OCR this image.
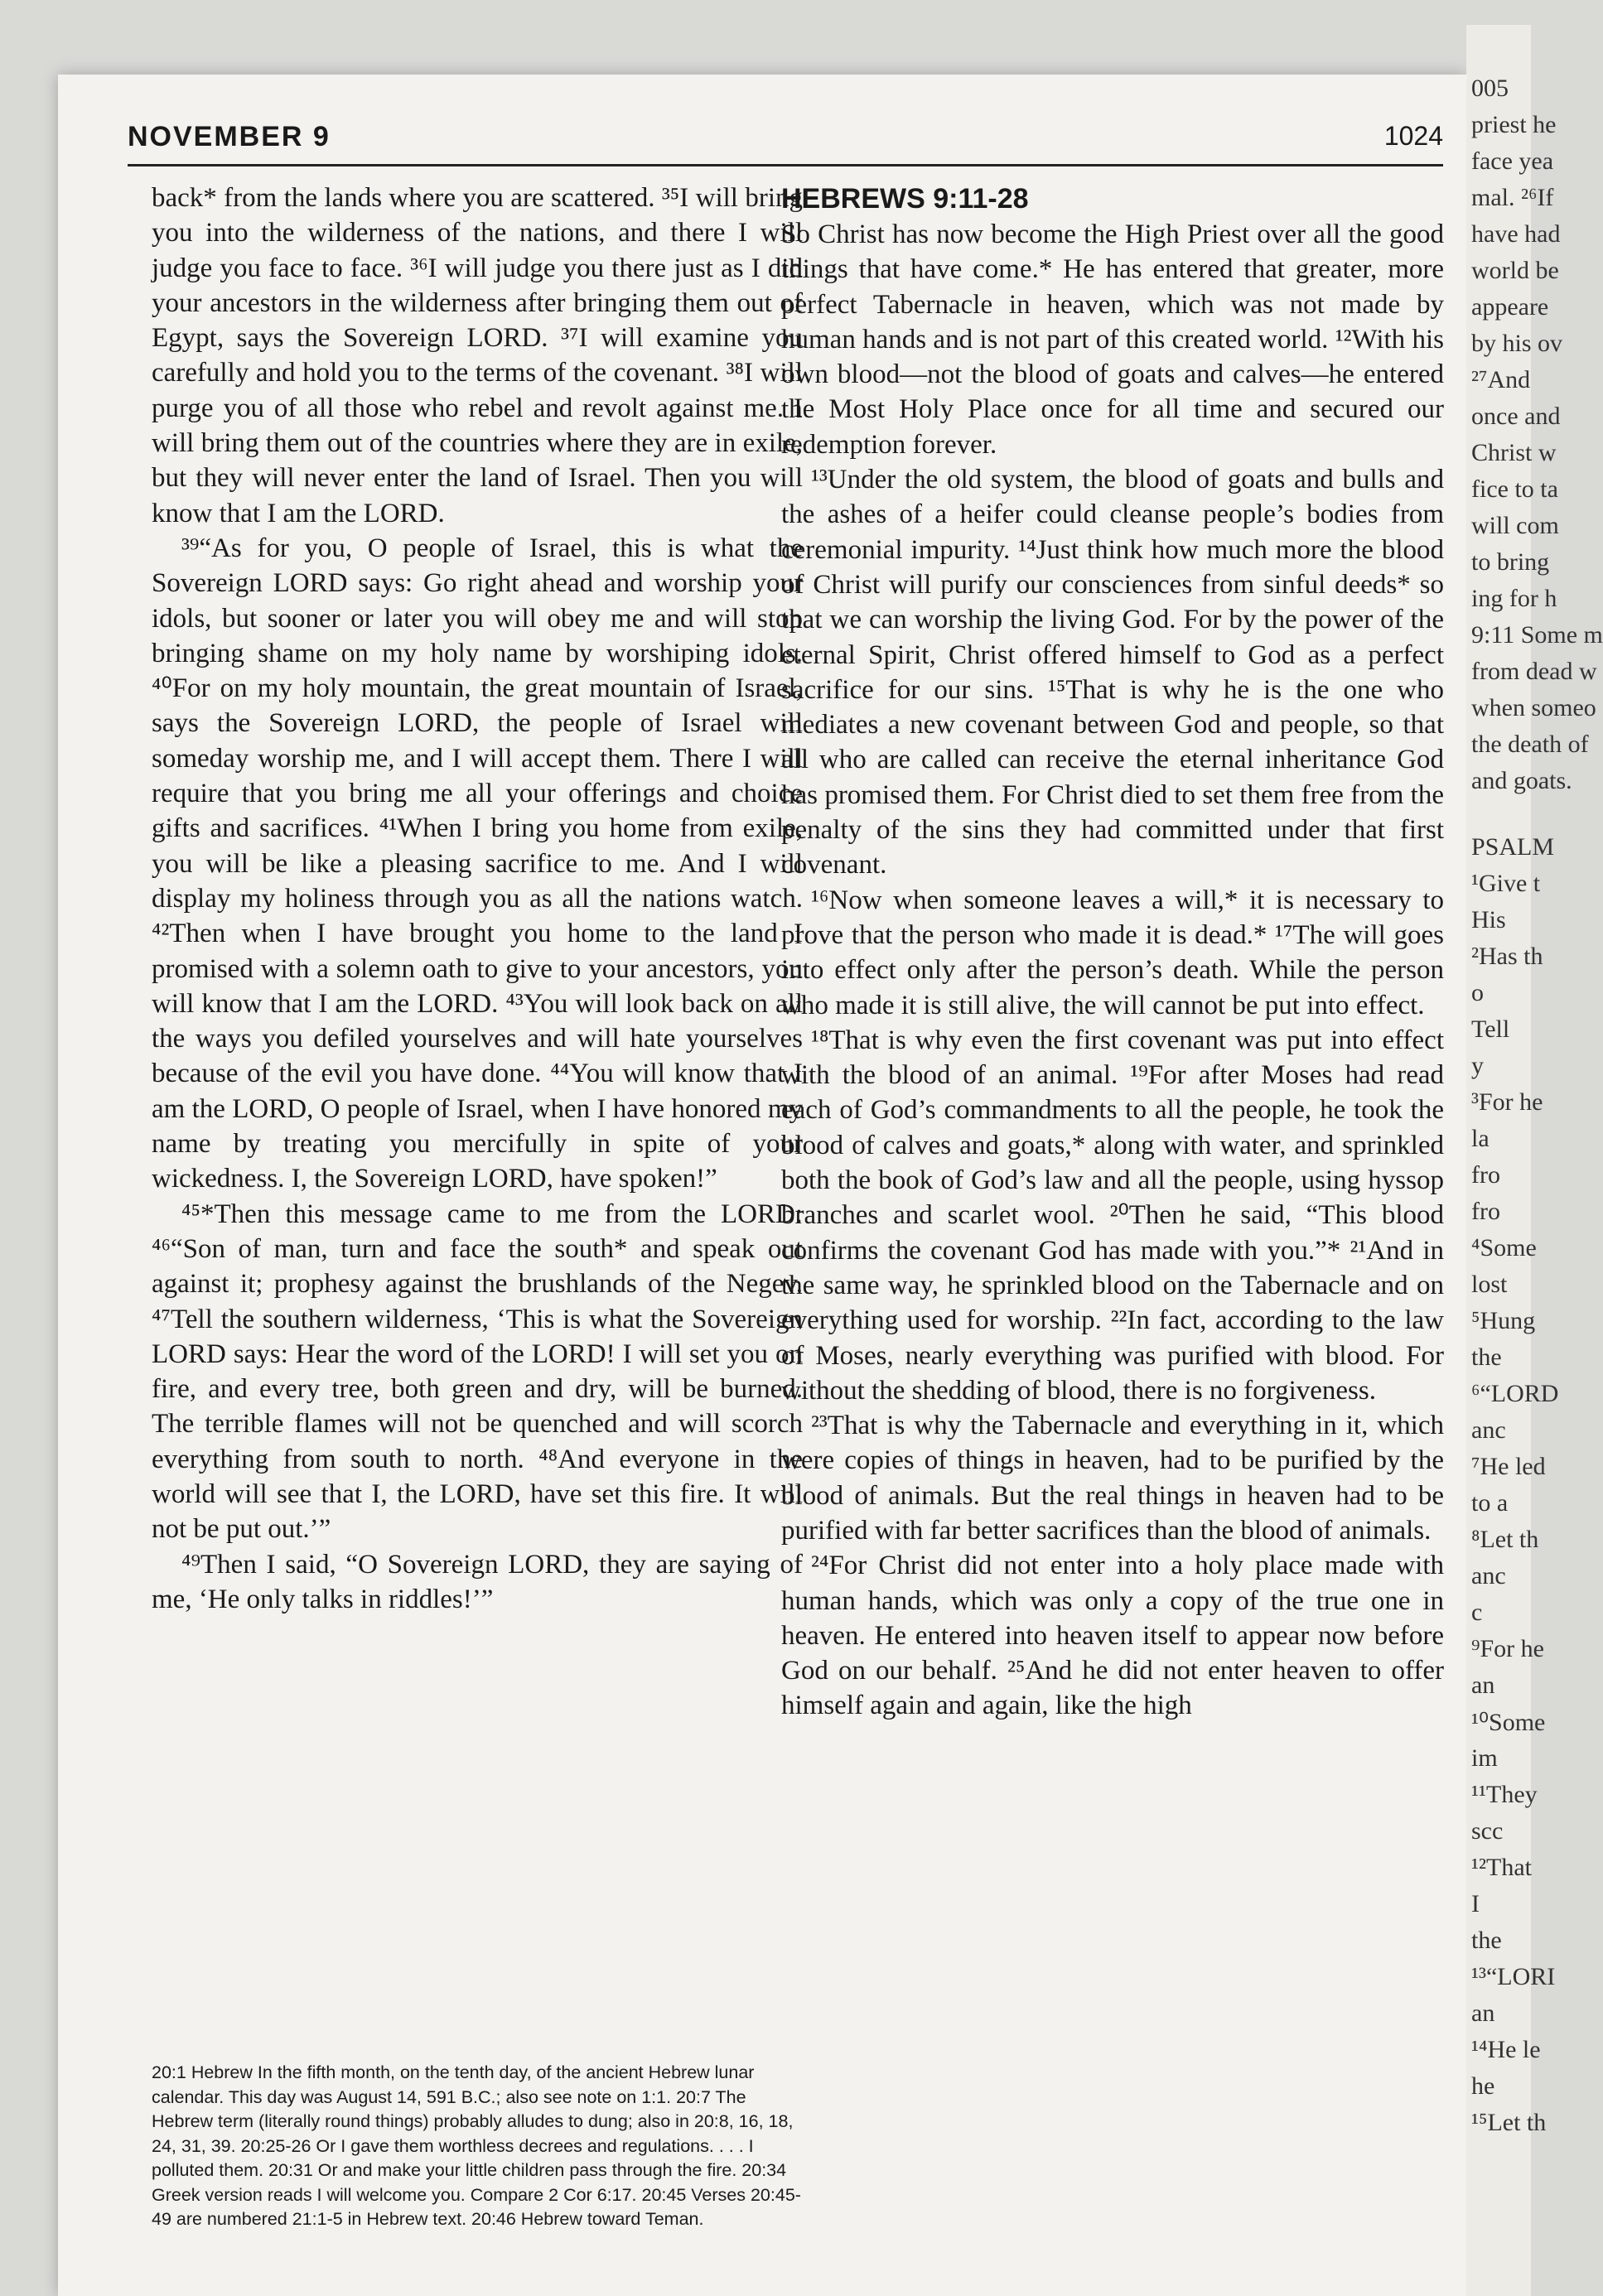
NOVEMBER 9	1024

back* from the lands where you are scattered. ³⁵I will bring you into the wilderness of the nations, and there I will judge you face to face. ³⁶I will judge you there just as I did your ancestors in the wilderness after bringing them out of Egypt, says the Sovereign LORD. ³⁷I will examine you carefully and hold you to the terms of the covenant. ³⁸I will purge you of all those who rebel and revolt against me. I will bring them out of the countries where they are in exile, but they will never enter the land of Israel. Then you will know that I am the LORD.

³⁹“As for you, O people of Israel, this is what the Sovereign LORD says: Go right ahead and worship your idols, but sooner or later you will obey me and will stop bringing shame on my holy name by worshiping idols. ⁴⁰For on my holy mountain, the great mountain of Israel, says the Sovereign LORD, the people of Israel will someday worship me, and I will accept them. There I will require that you bring me all your offerings and choice gifts and sacrifices. ⁴¹When I bring you home from exile, you will be like a pleasing sacrifice to me. And I will display my holiness through you as all the nations watch. ⁴²Then when I have brought you home to the land I promised with a solemn oath to give to your ancestors, you will know that I am the LORD. ⁴³You will look back on all the ways you defiled yourselves and will hate yourselves because of the evil you have done. ⁴⁴You will know that I am the LORD, O people of Israel, when I have honored my name by treating you mercifully in spite of your wickedness. I, the Sovereign LORD, have spoken!”

⁴⁵*Then this message came to me from the LORD: ⁴⁶“Son of man, turn and face the south* and speak out against it; prophesy against the brushlands of the Negev. ⁴⁷Tell the southern wilderness, ‘This is what the Sovereign LORD says: Hear the word of the LORD! I will set you on fire, and every tree, both green and dry, will be burned. The terrible flames will not be quenched and will scorch everything from south to north. ⁴⁸And everyone in the world will see that I, the LORD, have set this fire. It will not be put out.’”

⁴⁹Then I said, “O Sovereign LORD, they are saying of me, ‘He only talks in riddles!’”

20:1 Hebrew In the fifth month, on the tenth day, of the ancient Hebrew lunar calendar. This day was August 14, 591 B.C.; also see note on 1:1. 20:7 The Hebrew term (literally round things) probably alludes to dung; also in 20:8, 16, 18, 24, 31, 39. 20:25-26 Or I gave them worthless decrees and regulations. . . . I polluted them. 20:31 Or and make your little children pass through the fire. 20:34 Greek version reads I will welcome you. Compare 2 Cor 6:17. 20:45 Verses 20:45-49 are numbered 21:1-5 in Hebrew text. 20:46 Hebrew toward Teman.

HEBREWS 9:11-28

So Christ has now become the High Priest over all the good things that have come.* He has entered that greater, more perfect Tabernacle in heaven, which was not made by human hands and is not part of this created world. ¹²With his own blood—not the blood of goats and calves—he entered the Most Holy Place once for all time and secured our redemption forever.

¹³Under the old system, the blood of goats and bulls and the ashes of a heifer could cleanse people’s bodies from ceremonial impurity. ¹⁴Just think how much more the blood of Christ will purify our consciences from sinful deeds* so that we can worship the living God. For by the power of the eternal Spirit, Christ offered himself to God as a perfect sacrifice for our sins. ¹⁵That is why he is the one who mediates a new covenant between God and people, so that all who are called can receive the eternal inheritance God has promised them. For Christ died to set them free from the penalty of the sins they had committed under that first covenant.

¹⁶Now when someone leaves a will,* it is necessary to prove that the person who made it is dead.* ¹⁷The will goes into effect only after the person’s death. While the person who made it is still alive, the will cannot be put into effect.

¹⁸That is why even the first covenant was put into effect with the blood of an animal. ¹⁹For after Moses had read each of God’s commandments to all the people, he took the blood of calves and goats,* along with water, and sprinkled both the book of God’s law and all the people, using hyssop branches and scarlet wool. ²⁰Then he said, “This blood confirms the covenant God has made with you.”* ²¹And in the same way, he sprinkled blood on the Tabernacle and on everything used for worship. ²²In fact, according to the law of Moses, nearly everything was purified with blood. For without the shedding of blood, there is no forgiveness.

²³That is why the Tabernacle and everything in it, which were copies of things in heaven, had to be purified by the blood of animals. But the real things in heaven had to be purified with far better sacrifices than the blood of animals.

²⁴For Christ did not enter into a holy place made with human hands, which was only a copy of the true one in heaven. He entered into heaven itself to appear now before God on our behalf. ²⁵And he did not enter heaven to offer himself again and again, like the high

005
priest he
face yea
mal. ²⁶If
have had
world be
appeare
by his ov
²⁷And
once and
Christ w
fice to ta
will com
to bring
ing for h
9:11 Some m
from dead w
when someo
the death of
and goats.
PSALM
¹Give t
His
²Has th
o
Tell
y
³For he
la
fro
fro
⁴Some
lost
⁵Hung
the
⁶“LORD
anc
⁷He led
to a
⁸Let th
anc
c
⁹For he
an
¹⁰Some
im
¹¹They
scc
¹²That
I
the
¹³“LORI
an
¹⁴He le
he
¹⁵Let th
